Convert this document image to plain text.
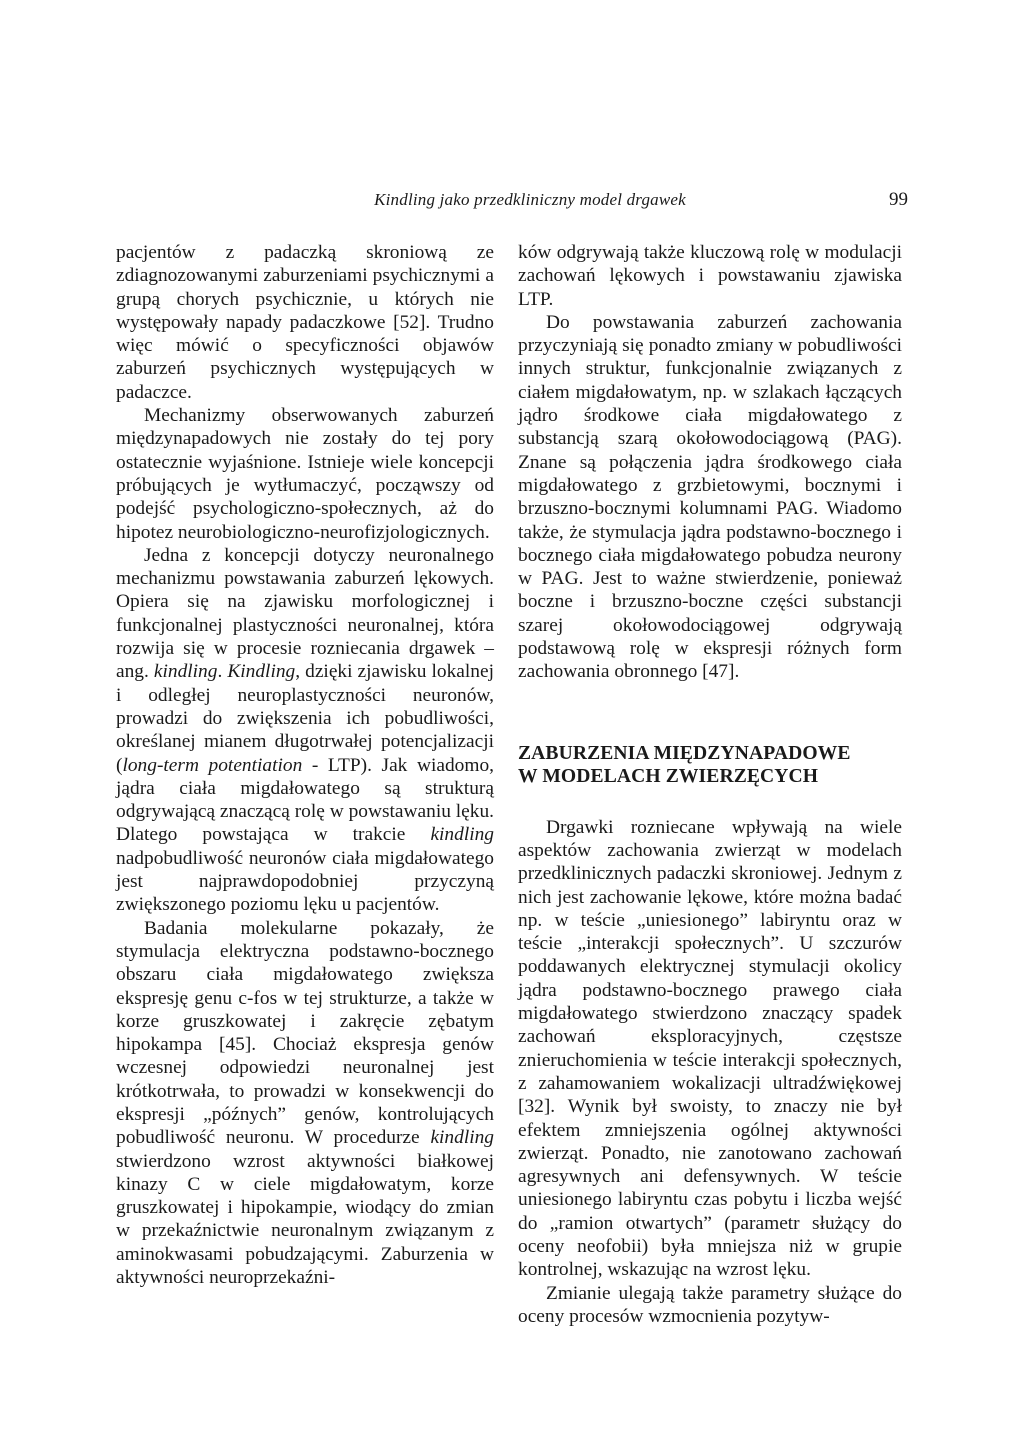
Kindling jako przedkliniczny model drgawek	99

pacjentów z padaczką skroniową ze zdiagnozowanymi zaburzeniami psychicznymi a grupą chorych psychicznie, u których nie występowały napady padaczkowe [52]. Trudno więc mówić o specyficzności objawów zaburzeń psychicznych występujących w padaczce.

Mechanizmy obserwowanych zaburzeń międzynapadowych nie zostały do tej pory ostatecznie wyjaśnione. Istnieje wiele koncepcji próbujących je wytłumaczyć, począwszy od podejść psychologiczno-społecznych, aż do hipotez neurobiologiczno-neurofizjologicznych.

Jedna z koncepcji dotyczy neuronalnego mechanizmu powstawania zaburzeń lękowych. Opiera się na zjawisku morfologicznej i funkcjonalnej plastyczności neuronalnej, która rozwija się w procesie rozniecania drgawek – ang. kindling. Kindling, dzięki zjawisku lokalnej i odległej neuroplastyczności neuronów, prowadzi do zwiększenia ich pobudliwości, określanej mianem długotrwałej potencjalizacji (long-term potentiation - LTP). Jak wiadomo, jądra ciała migdałowatego są strukturą odgrywającą znaczącą rolę w powstawaniu lęku. Dlatego powstająca w trakcie kindling nadpobudliwość neuronów ciała migdałowatego jest najprawdopodobniej przyczyną zwiększonego poziomu lęku u pacjentów.

Badania molekularne pokazały, że stymulacja elektryczna podstawno-bocznego obszaru ciała migdałowatego zwiększa ekspresję genu c-fos w tej strukturze, a także w korze gruszkowatej i zakręcie zębatym hipokampa [45]. Chociaż ekspresja genów wczesnej odpowiedzi neuronalnej jest krótkotrwała, to prowadzi w konsekwencji do ekspresji „późnych” genów, kontrolujących pobudliwość neuronu. W procedurze kindling stwierdzono wzrost aktywności białkowej kinazy C w ciele migdałowatym, korze gruszkowatej i hipokampie, wiodący do zmian w przekaźnictwie neuronalnym związanym z aminokwasami pobudzającymi. Zaburzenia w aktywności neuroprzekaźni-

ków odgrywają także kluczową rolę w modulacji zachowań lękowych i powstawaniu zjawiska LTP.

Do powstawania zaburzeń zachowania przyczyniają się ponadto zmiany w pobudliwości innych struktur, funkcjonalnie związanych z ciałem migdałowatym, np. w szlakach łączących jądro środkowe ciała migdałowatego z substancją szarą okołowodociągową (PAG). Znane są połączenia jądra środkowego ciała migdałowatego z grzbietowymi, bocznymi i brzuszno-bocznymi kolumnami PAG. Wiadomo także, że stymulacja jądra podstawno-bocznego i bocznego ciała migdałowatego pobudza neurony w PAG. Jest to ważne stwierdzenie, ponieważ boczne i brzuszno-boczne części substancji szarej okołowodociągowej odgrywają podstawową rolę w ekspresji różnych form zachowania obronnego [47].

ZABURZENIA MIĘDZYNAPADOWE
W MODELACH ZWIERZĘCYCH

Drgawki rozniecane wpływają na wiele aspektów zachowania zwierząt w modelach przedklinicznych padaczki skroniowej. Jednym z nich jest zachowanie lękowe, które można badać np. w teście „uniesionego” labiryntu oraz w teście „interakcji społecznych”. U szczurów poddawanych elektrycznej stymulacji okolicy jądra podstawno-bocznego prawego ciała migdałowatego stwierdzono znaczący spadek zachowań eksploracyjnych, częstsze znieruchomienia w teście interakcji społecznych, z zahamowaniem wokalizacji ultradźwiękowej [32]. Wynik był swoisty, to znaczy nie był efektem zmniejszenia ogólnej aktywności zwierząt. Ponadto, nie zanotowano zachowań agresywnych ani defensywnych. W teście uniesionego labiryntu czas pobytu i liczba wejść do „ramion otwartych” (parametr służący do oceny neofobii) była mniejsza niż w grupie kontrolnej, wskazując na wzrost lęku.

Zmianie ulegają także parametry służące do oceny procesów wzmocnienia pozytyw-
